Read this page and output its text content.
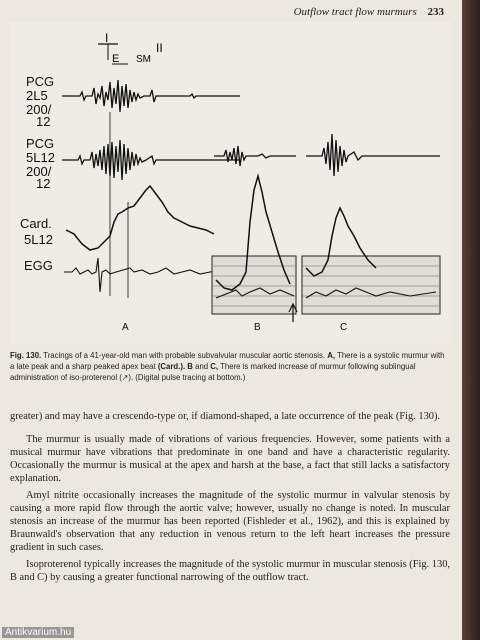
Outflow tract flow murmurs 233
I
E SM
II
PCG
2L5
200/
12
PCG
5L12
200/
12
Card.
5L12
EGG
A	B	C
Fig. 130. Tracings of a 41-year-old man with probable subvalvular muscular aortic stenosis. A, There is a systolic murmur with a late peak and a sharp peaked apex beat (Card.). B and C, There is marked increase of murmur following sublingual administration of iso-proterenol (↗). (Digital pulse tracing at bottom.)

greater) and may have a crescendo-type or, if diamond-shaped, a late occurrence of the peak (Fig. 130).

The murmur is usually made of vibrations of various frequencies. However, some patients with a musical murmur have vibrations that predominate in one band and have a characteristic regularity. Occasionally the murmur is musical at the apex and harsh at the base, a fact that still lacks a satisfactory explanation.

Amyl nitrite occasionally increases the magnitude of the systolic murmur in valvular stenosis by causing a more rapid flow through the aortic valve; however, usually no change is noted. In muscular stenosis an increase of the murmur has been reported (Fishleder et al., 1962), and this is explained by Braunwald's observation that any reduction in venous return to the left heart increases the pressure gradient in such cases.

Isoproterenol typically increases the magnitude of the systolic murmur in muscular stenosis (Fig. 130, B and C) by causing a greater functional narrowing of the outflow tract.

Antikvarium.hu
